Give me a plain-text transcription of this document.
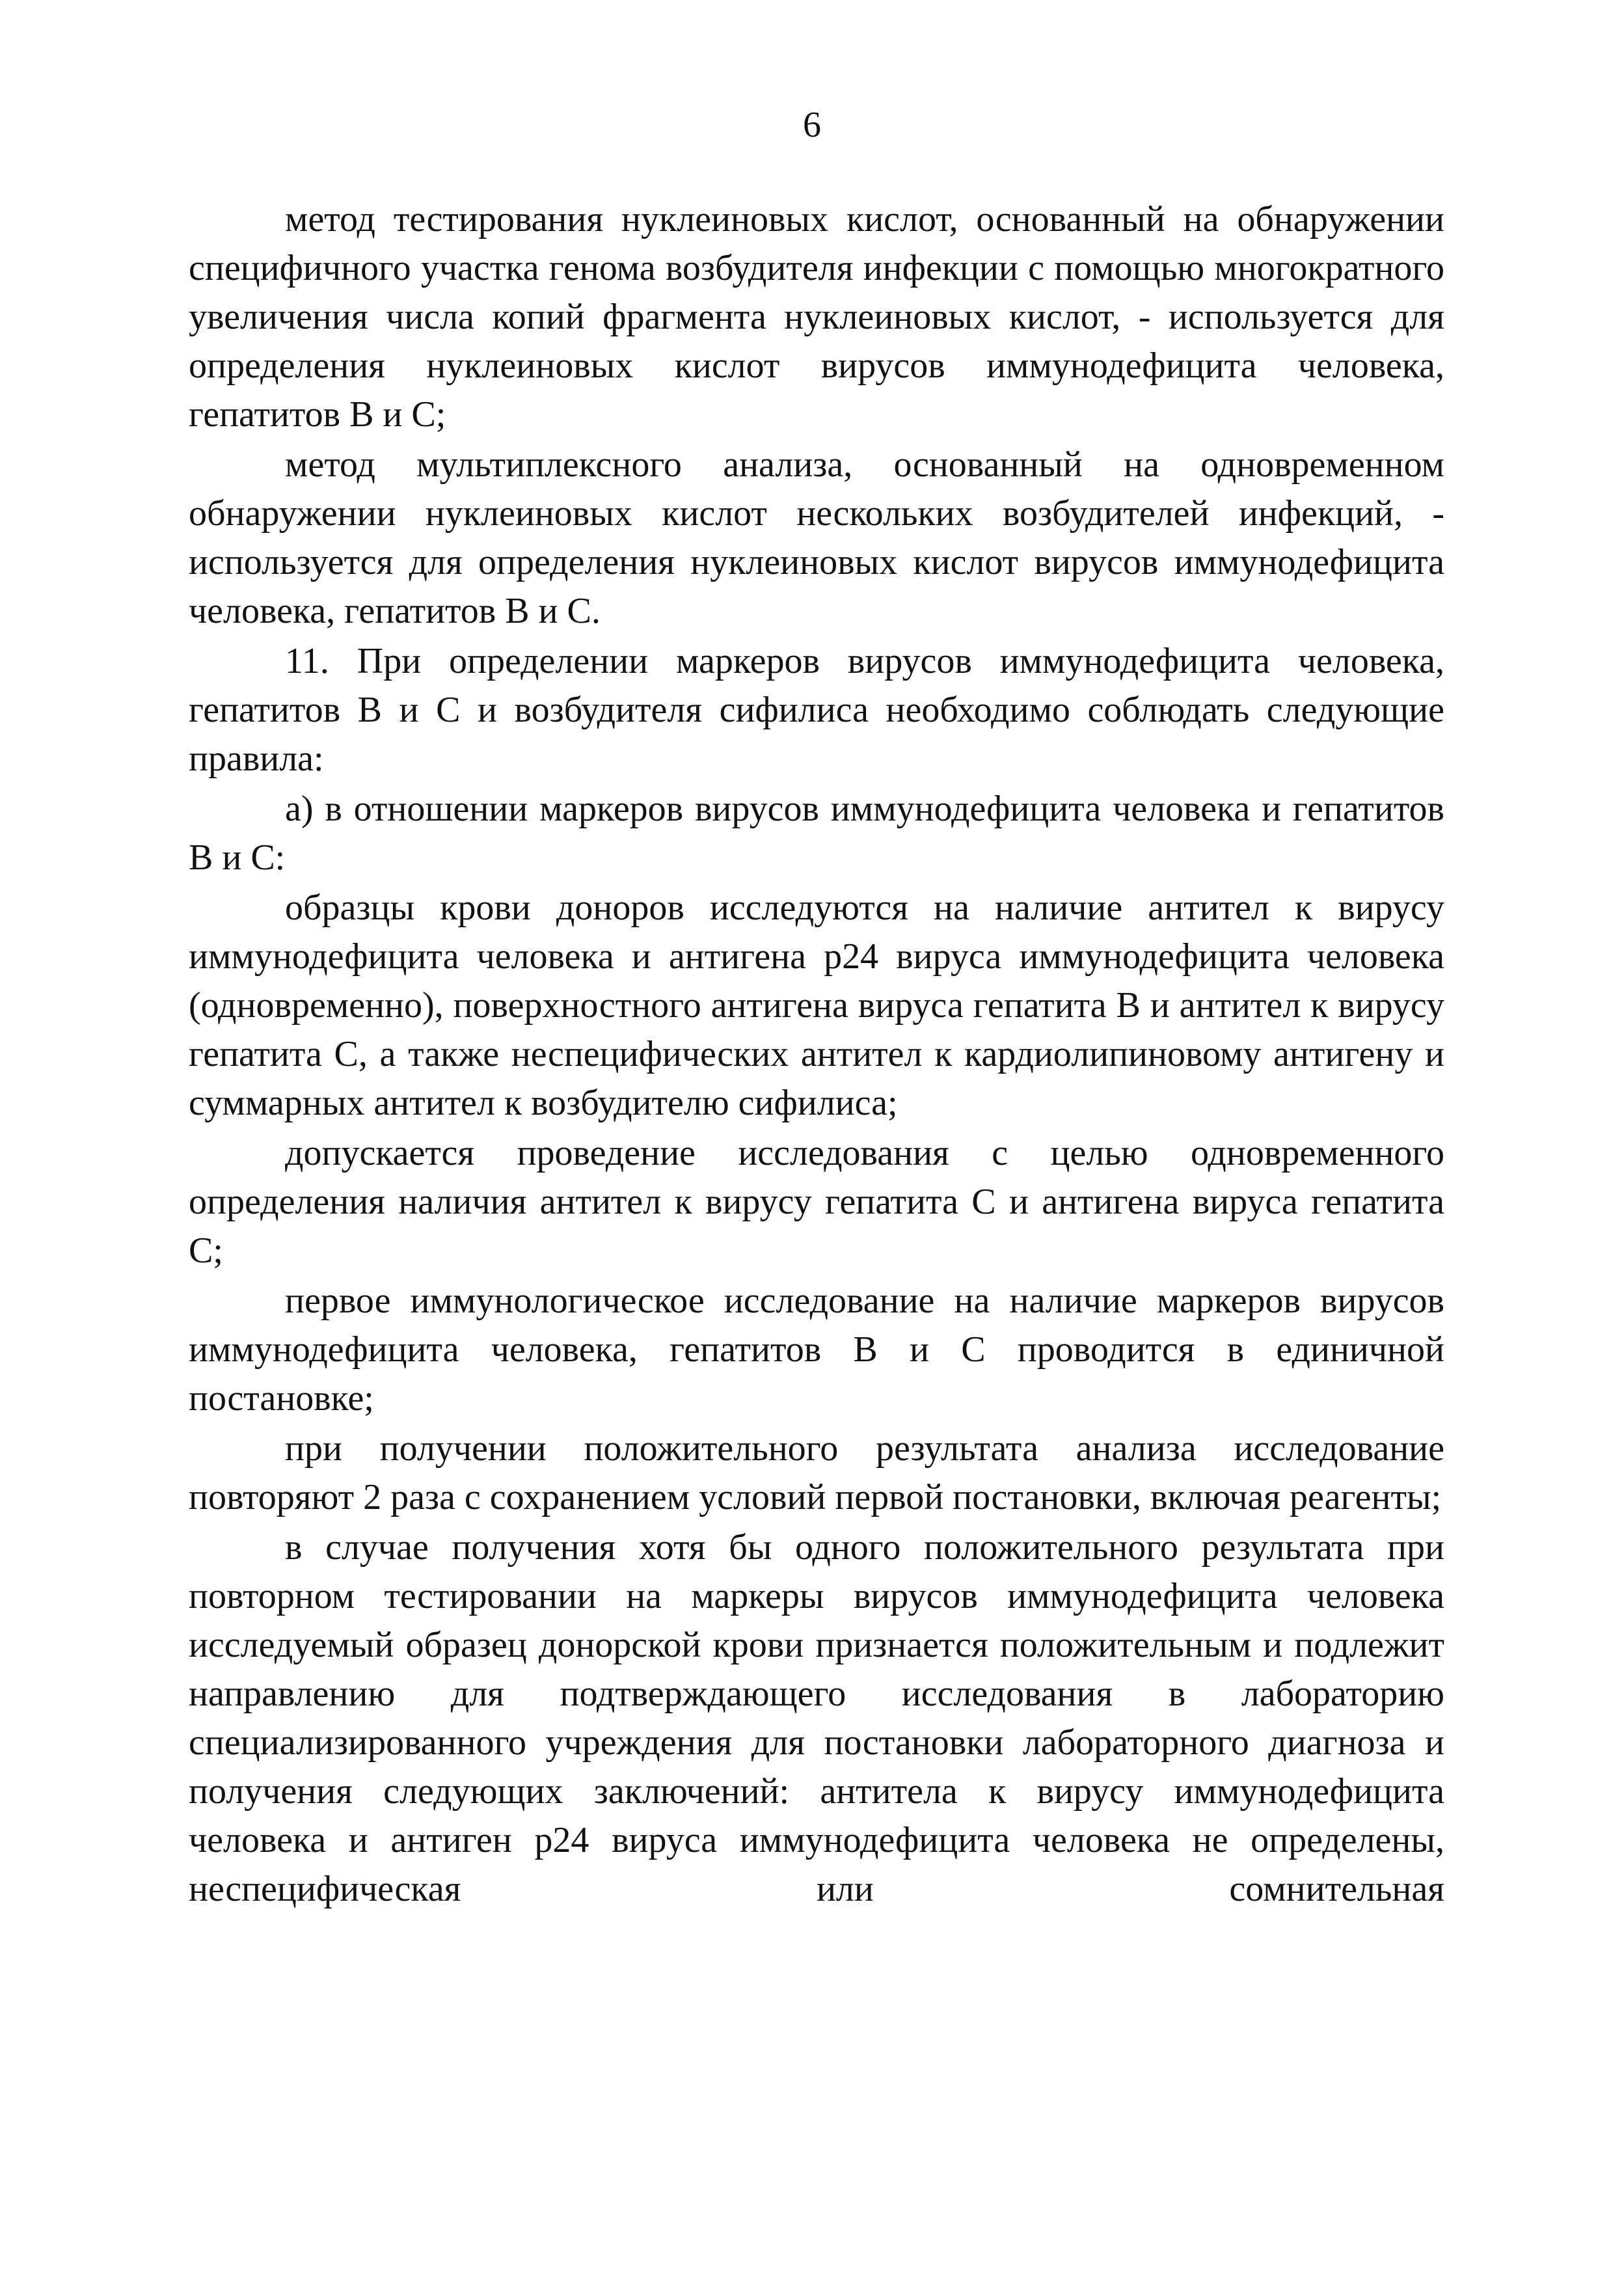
6

метод тестирования нуклеиновых кислот, основанный на обнаружении специфичного участка генома возбудителя инфекции с помощью многократного увеличения числа копий фрагмента нуклеиновых кислот, - используется для определения нуклеиновых кислот вирусов иммунодефицита человека, гепатитов В и С;

метод мультиплексного анализа, основанный на одновременном обнаружении нуклеиновых кислот нескольких возбудителей инфекций, - используется для определения нуклеиновых кислот вирусов иммунодефицита человека, гепатитов В и С.

11. При определении маркеров вирусов иммунодефицита человека, гепатитов В и С и возбудителя сифилиса необходимо соблюдать следующие правила:

а) в отношении маркеров вирусов иммунодефицита человека и гепатитов В и С:

образцы крови доноров исследуются на наличие антител к вирусу иммунодефицита человека и антигена p24 вируса иммунодефицита человека (одновременно), поверхностного антигена вируса гепатита В и антител к вирусу гепатита С, а также неспецифических антител к кардиолипиновому антигену и суммарных антител к возбудителю сифилиса;

допускается проведение исследования с целью одновременного определения наличия антител к вирусу гепатита С и антигена вируса гепатита С;

первое иммунологическое исследование на наличие маркеров вирусов иммунодефицита человека, гепатитов В и С проводится в единичной постановке;

при получении положительного результата анализа исследование повторяют 2 раза с сохранением условий первой постановки, включая реагенты;

в случае получения хотя бы одного положительного результата при повторном тестировании на маркеры вирусов иммунодефицита человека исследуемый образец донорской крови признается положительным и подлежит направлению для подтверждающего исследования в лабораторию специализированного учреждения для постановки лабораторного диагноза и получения следующих заключений: антитела к вирусу иммунодефицита человека и антиген p24 вируса иммунодефицита человека не определены, неспецифическая или сомнительная
